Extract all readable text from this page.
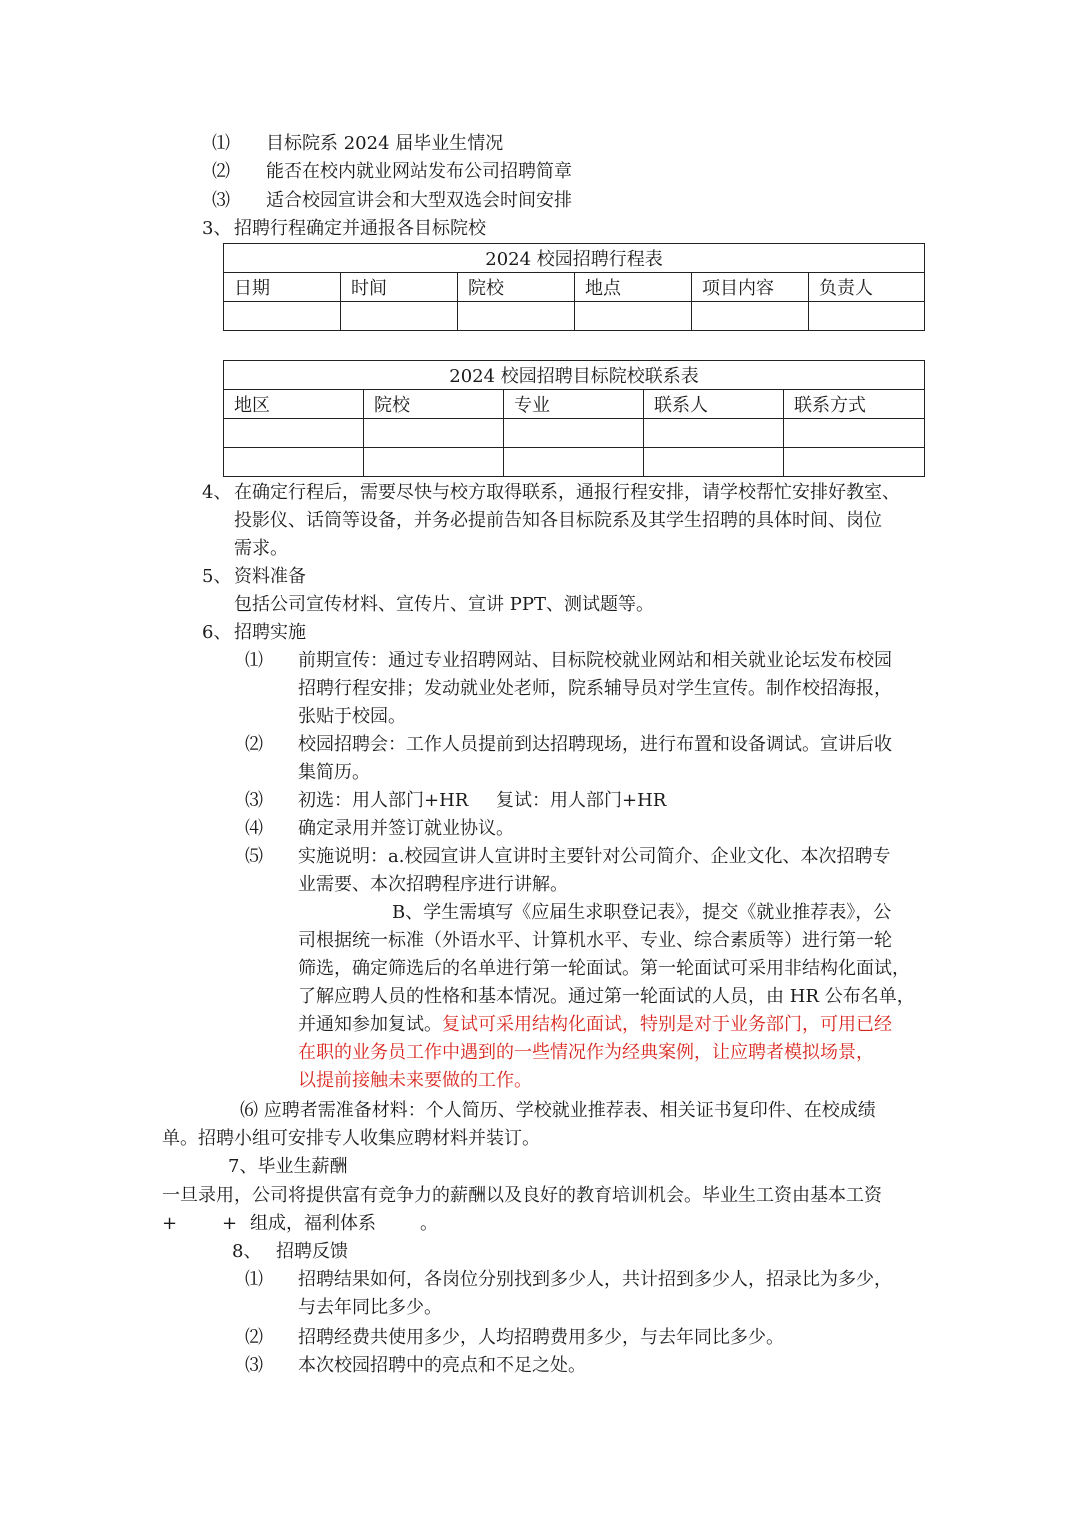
⑴ 目标院系 2024 届毕业生情况
⑵ 能否在校内就业网站发布公司招聘简章
⑶ 适合校园宣讲会和大型双选会时间安排
3、 招聘行程确定并通报各目标院校
2024 校园招聘行程表					
日期	时间	院校	地点	项目内容	负责人

2024 校园招聘目标院校联系表				
地区	院校	专业	联系人	联系方式

4、 在确定行程后，需要尽快与校方取得联系，通报行程安排，请学校帮忙安排好教室、
投影仪、话筒等设备，并务必提前告知各目标院系及其学生招聘的具体时间、岗位
需求。
5、 资料准备
包括公司宣传材料、宣传片、宣讲 PPT、测试题等。
6、 招聘实施
⑴ 前期宣传：通过专业招聘网站、目标院校就业网站和相关就业论坛发布校园
招聘行程安排；发动就业处老师，院系辅导员对学生宣传。制作校招海报，
张贴于校园。
⑵ 校园招聘会：工作人员提前到达招聘现场，进行布置和设备调试。宣讲后收
集简历。
⑶ 初选：用人部门+HR 复试：用人部门+HR
⑷ 确定录用并签订就业协议。
⑸ 实施说明：a.校园宣讲人宣讲时主要针对公司简介、企业文化、本次招聘专
业需要、本次招聘程序进行讲解。
B、学生需填写《应届生求职登记表》，提交《就业推荐表》，公
司根据统一标准（外语水平、计算机水平、专业、综合素质等）进行第一轮
筛选，确定筛选后的名单进行第一轮面试。第一轮面试可采用非结构化面试，
了解应聘人员的性格和基本情况。通过第一轮面试的人员，由 HR 公布名单，
并通知参加复试。复试可采用结构化面试，特别是对于业务部门，可用已经
在职的业务员工作中遇到的一些情况作为经典案例，让应聘者模拟场景，
以提前接触未来要做的工作。
⑹ 应聘者需准备材料：个人简历、学校就业推荐表、相关证书复印件、在校成绩
单。招聘小组可安排专人收集应聘材料并装订。
7、毕业生薪酬
一旦录用，公司将提供富有竞争力的薪酬以及良好的教育培训机会。毕业生工资由基本工资
+ + 组成，福利体系 。
8、 招聘反馈
⑴ 招聘结果如何，各岗位分别找到多少人，共计招到多少人，招录比为多少，
与去年同比多少。
⑵ 招聘经费共使用多少，人均招聘费用多少，与去年同比多少。
⑶ 本次校园招聘中的亮点和不足之处。
